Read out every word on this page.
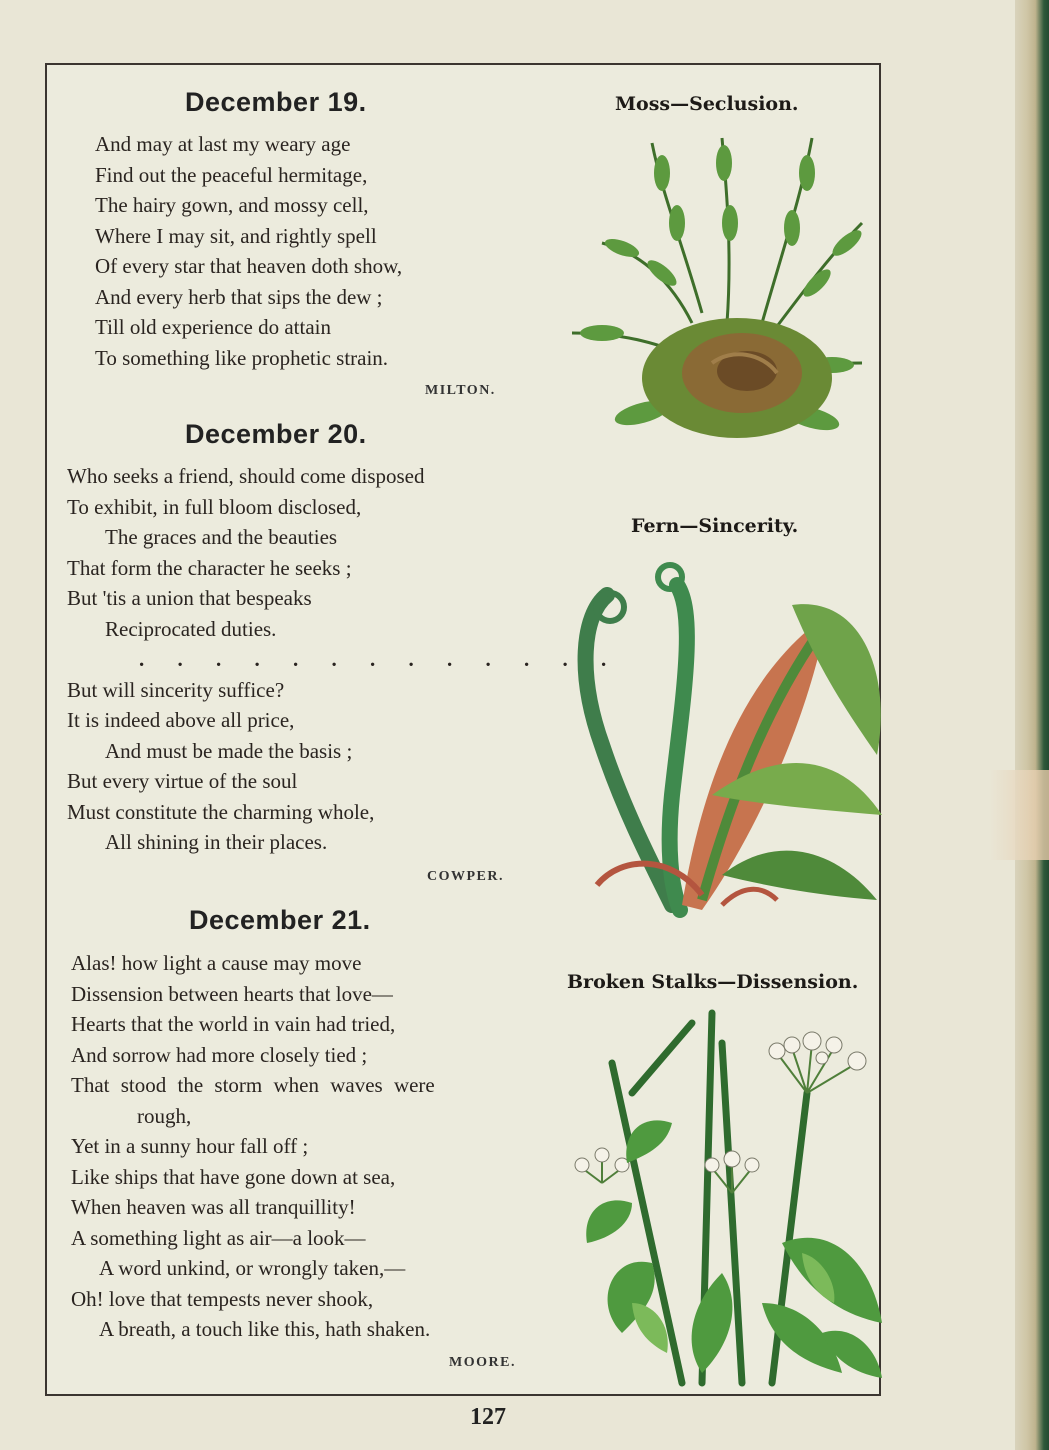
December 19.
And may at last my weary age
Find out the peaceful hermitage,
The hairy gown, and mossy cell,
Where I may sit, and rightly spell
Of every star that heaven doth show,
And every herb that sips the dew ;
Till old experience do attain
To something like prophetic strain.
MILTON.
December 20.
Who seeks a friend, should come disposed
To exhibit, in full bloom disclosed,
The graces and the beauties
That form the character he seeks ;
But 'tis a union that bespeaks
Reciprocated duties.
. . . . . . . . . . . . .
But will sincerity suffice?
It is indeed above all price,
And must be made the basis ;
But every virtue of the soul
Must constitute the charming whole,
All shining in their places.
COWPER.
December 21.
Alas! how light a cause may move
Dissension between hearts that love—
Hearts that the world in vain had tried,
And sorrow had more closely tied ;
That stood the storm when waves were
rough,
Yet in a sunny hour fall off ;
Like ships that have gone down at sea,
When heaven was all tranquillity!
A something light as air—a look—
A word unkind, or wrongly taken,—
Oh! love that tempests never shook,
A breath, a touch like this, hath shaken.
MOORE.
Moss—Seclusion.
Fern—Sincerity.
Broken Stalks—Dissension.
127
